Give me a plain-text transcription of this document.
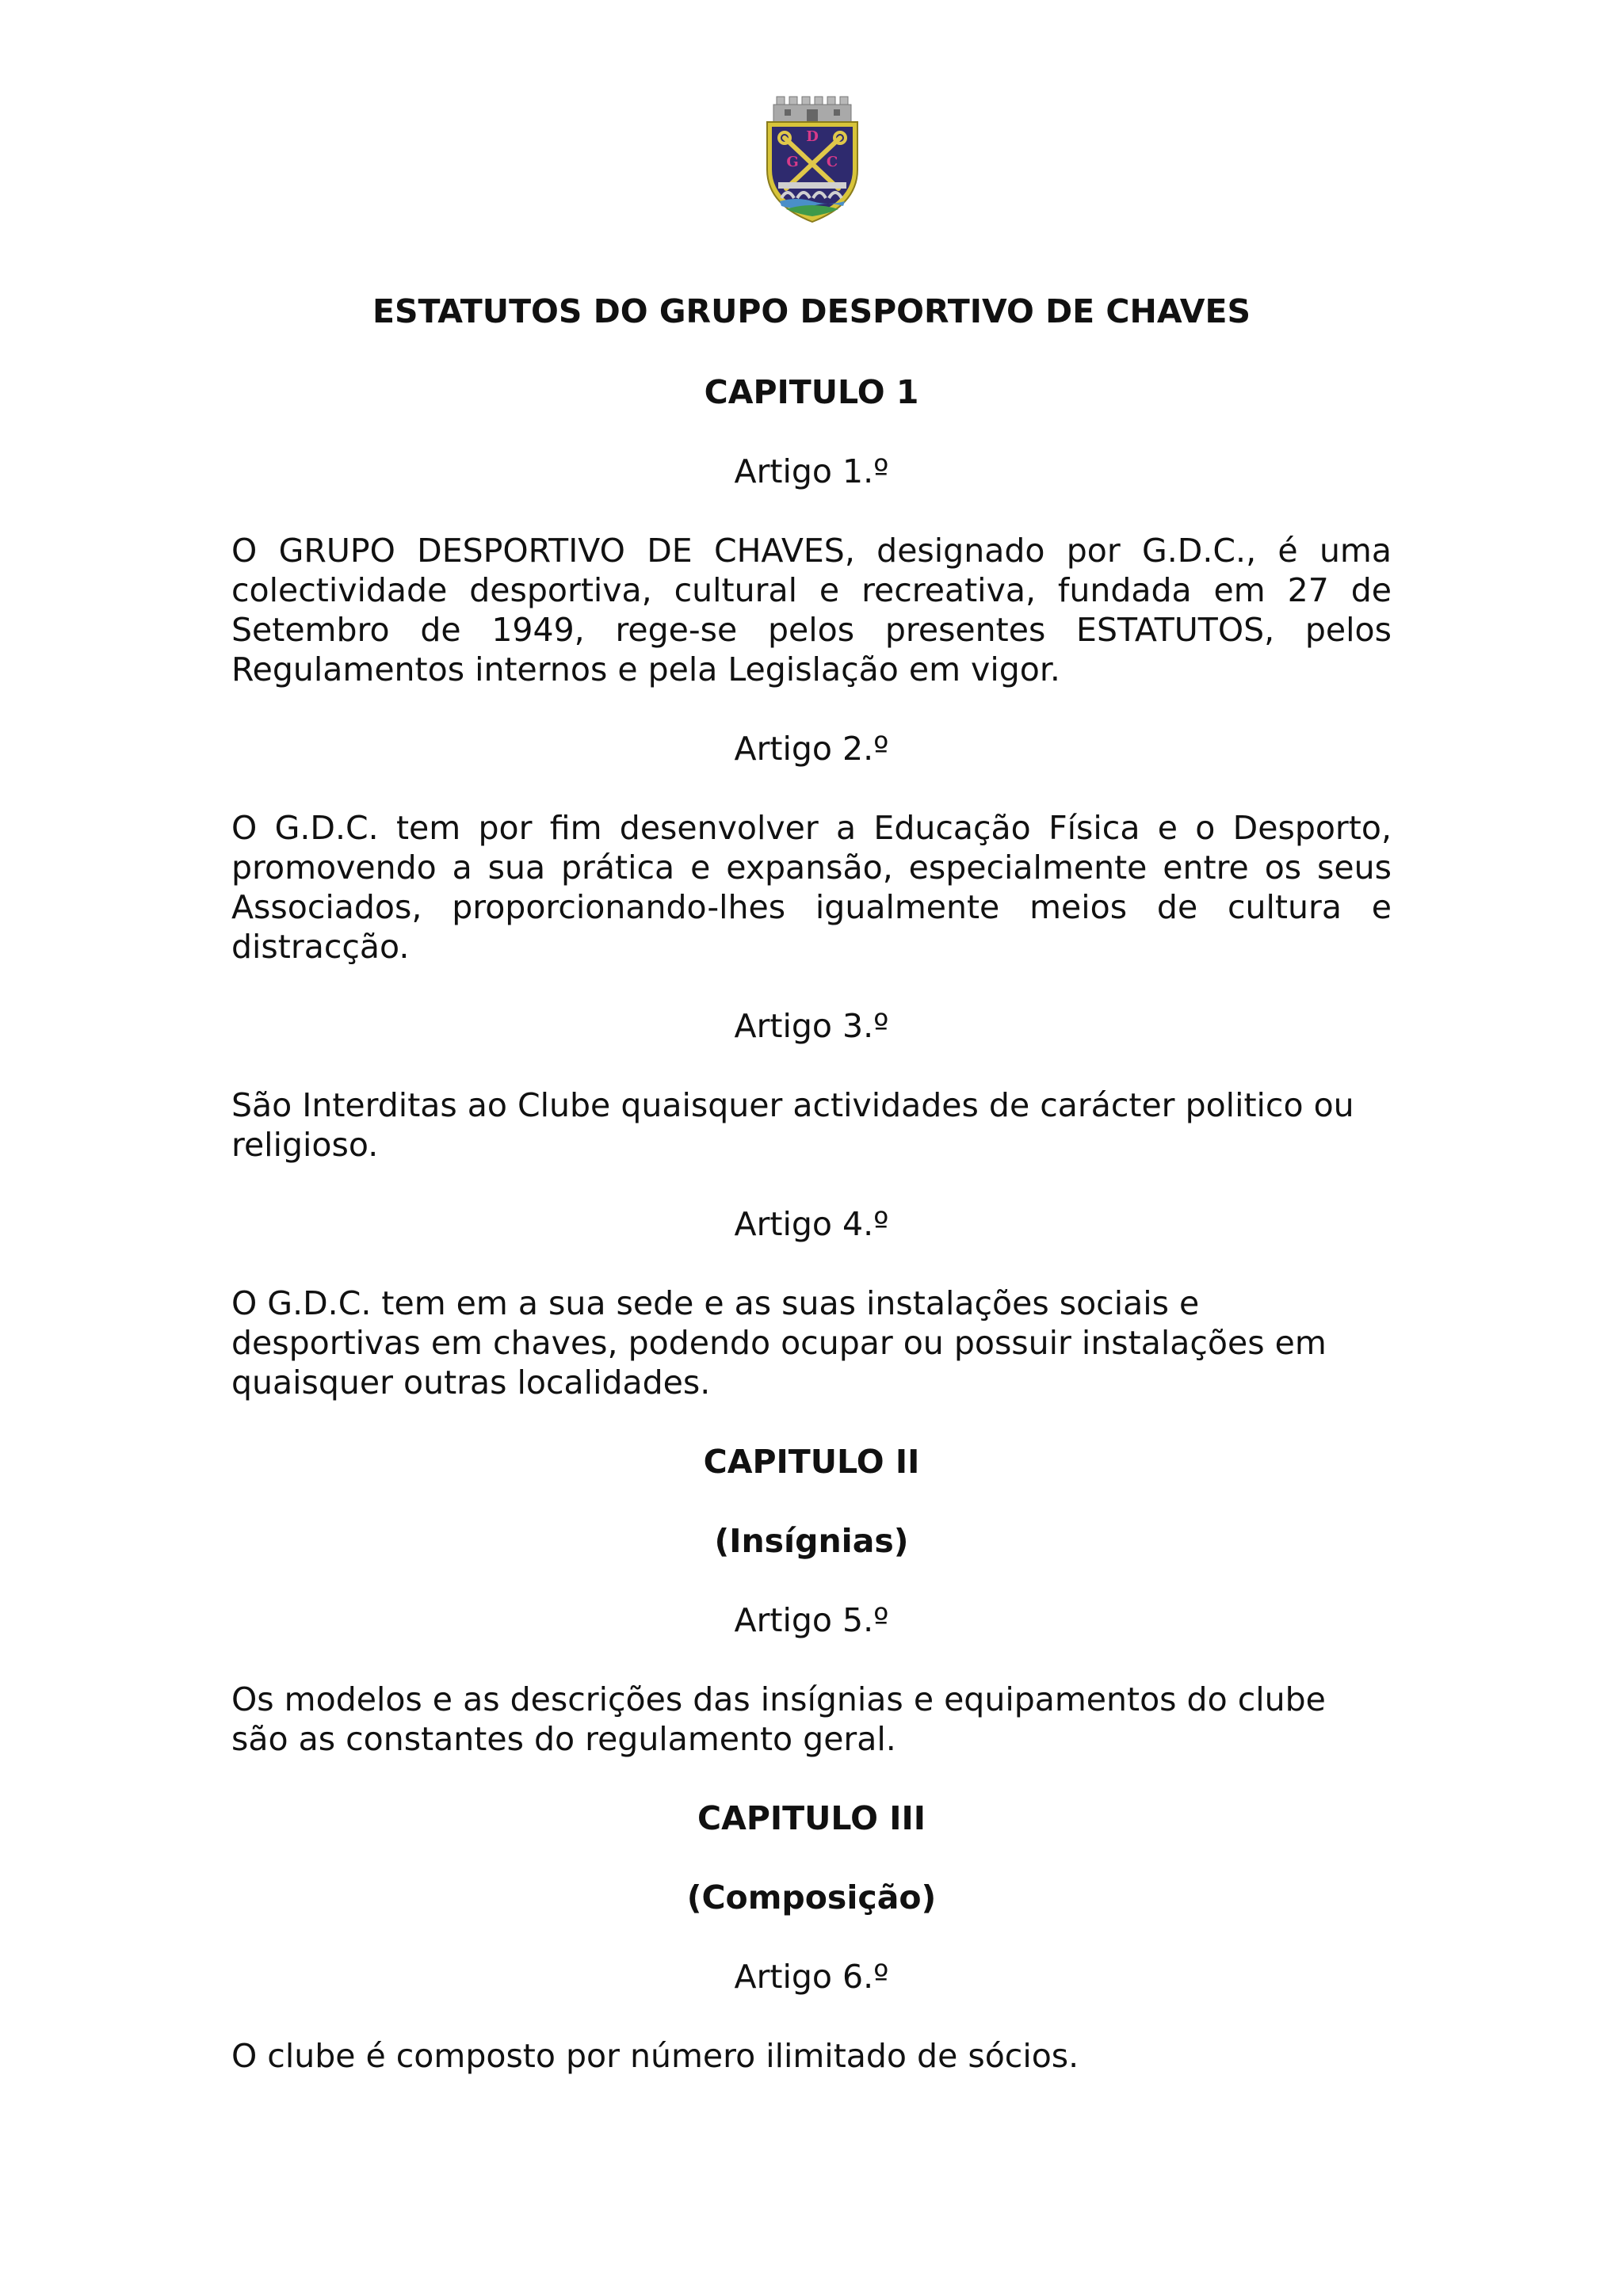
D
G C
ESTATUTOS DO GRUPO DESPORTIVO DE CHAVES
CAPITULO 1
Artigo 1.º
O GRUPO DESPORTIVO DE CHAVES, designado por G.D.C., é uma colectividade desportiva, cultural e recreativa, fundada em 27 de Setembro de 1949, rege-se pelos presentes ESTATUTOS, pelos Regulamentos internos e pela Legislação em vigor.
Artigo 2.º
O G.D.C. tem por fim desenvolver a Educação Física e o Desporto, promovendo a sua prática e expansão, especialmente entre os seus Associados, proporcionando-lhes igualmente meios de cultura e distracção.
Artigo 3.º
São Interditas ao Clube quaisquer actividades de carácter politico ou religioso.
Artigo 4.º
O G.D.C. tem em a sua sede e as suas instalações sociais e desportivas em chaves, podendo ocupar ou possuir instalações em quaisquer outras localidades.
CAPITULO II
(Insígnias)
Artigo 5.º
Os modelos e as descrições das insígnias e equipamentos do clube são as constantes do regulamento geral.
CAPITULO III
(Composição)
Artigo 6.º
O clube é composto por número ilimitado de sócios.
